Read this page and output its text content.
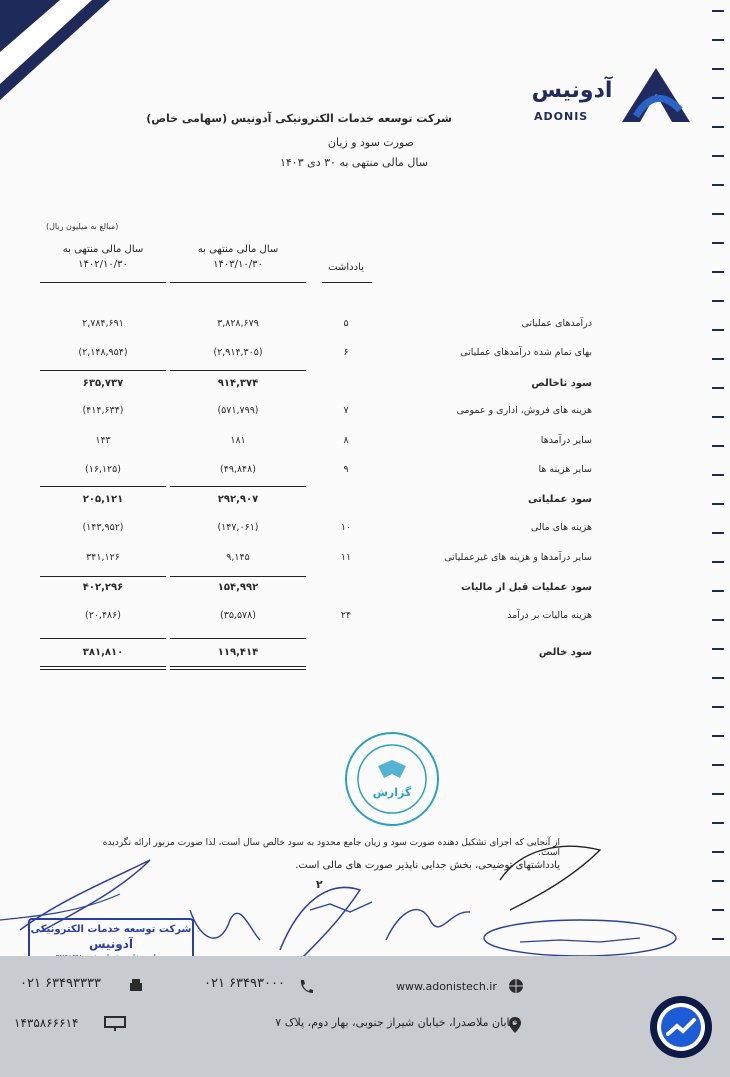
آدونیس
ADONIS
شرکت توسعه خدمات الکترونیکی آدونیس (سهامی خاص)
صورت سود و زیان
سال مالی منتهی به ۳۰ دی ۱۴۰۳
(مبالغ به میلیون ریال)
سال مالی منتهی به
۱۴۰۳/۱۰/۳۰
سال مالی منتهی به
۱۴۰۲/۱۰/۳۰	یادداشت
درآمدهای عملیاتی
۵
۳,۸۲۸,۶۷۹
۲,۷۸۴,۶۹۱
بهای تمام شده درآمدهای عملیاتی
۶
(۲,۹۱۴,۳۰۵)
(۲,۱۴۸,۹۵۴)
سود ناخالص
۹۱۴,۳۷۴
۶۳۵,۷۳۷
هزینه های فروش، اداری و عمومی
۷
(۵۷۱,۷۹۹)
(۴۱۴,۶۳۴)
سایر درآمدها
۸
۱۸۱
۱۴۳
سایر هزینه ها
۹
(۴۹,۸۴۸)
(۱۶,۱۲۵)
سود عملیاتی
۲۹۲,۹۰۷
۲۰۵,۱۲۱
هزینه های مالی
۱۰
(۱۴۷,۰۶۱)
(۱۴۳,۹۵۲)
سایر درآمدها و هزینه های غیرعملیاتی
۱۱
۹,۱۴۵
۳۴۱,۱۲۶
سود عملیات قبل از مالیات
۱۵۴,۹۹۲
۴۰۲,۲۹۶
هزینه مالیات بر درآمد
۲۴
(۳۵,۵۷۸)
(۲۰,۴۸۶)
سود خالص
۱۱۹,۴۱۴
۳۸۱,۸۱۰
گزارش
از آنجایی که اجزای تشکیل دهنده صورت سود و زیان جامع محدود به سود خالص سال است، لذا صورت مزبور ارائه نگردیده است.
یادداشتهای توضیحی، بخش جدایی ناپذیر صورت های مالی است.
۲
شرکت توسعه خدمات الکترونیکی
آدونیس
www.adonistech.ir
۰۲۱ ۶۳۴۹۳۰۰۰
۰۲۱ ۶۳۴۹۳۳۳۳
خیابان ملاصدرا، خیابان شیراز جنوبی، بهار دوم، پلاک ۷
۱۴۳۵۸۶۶۶۱۴
